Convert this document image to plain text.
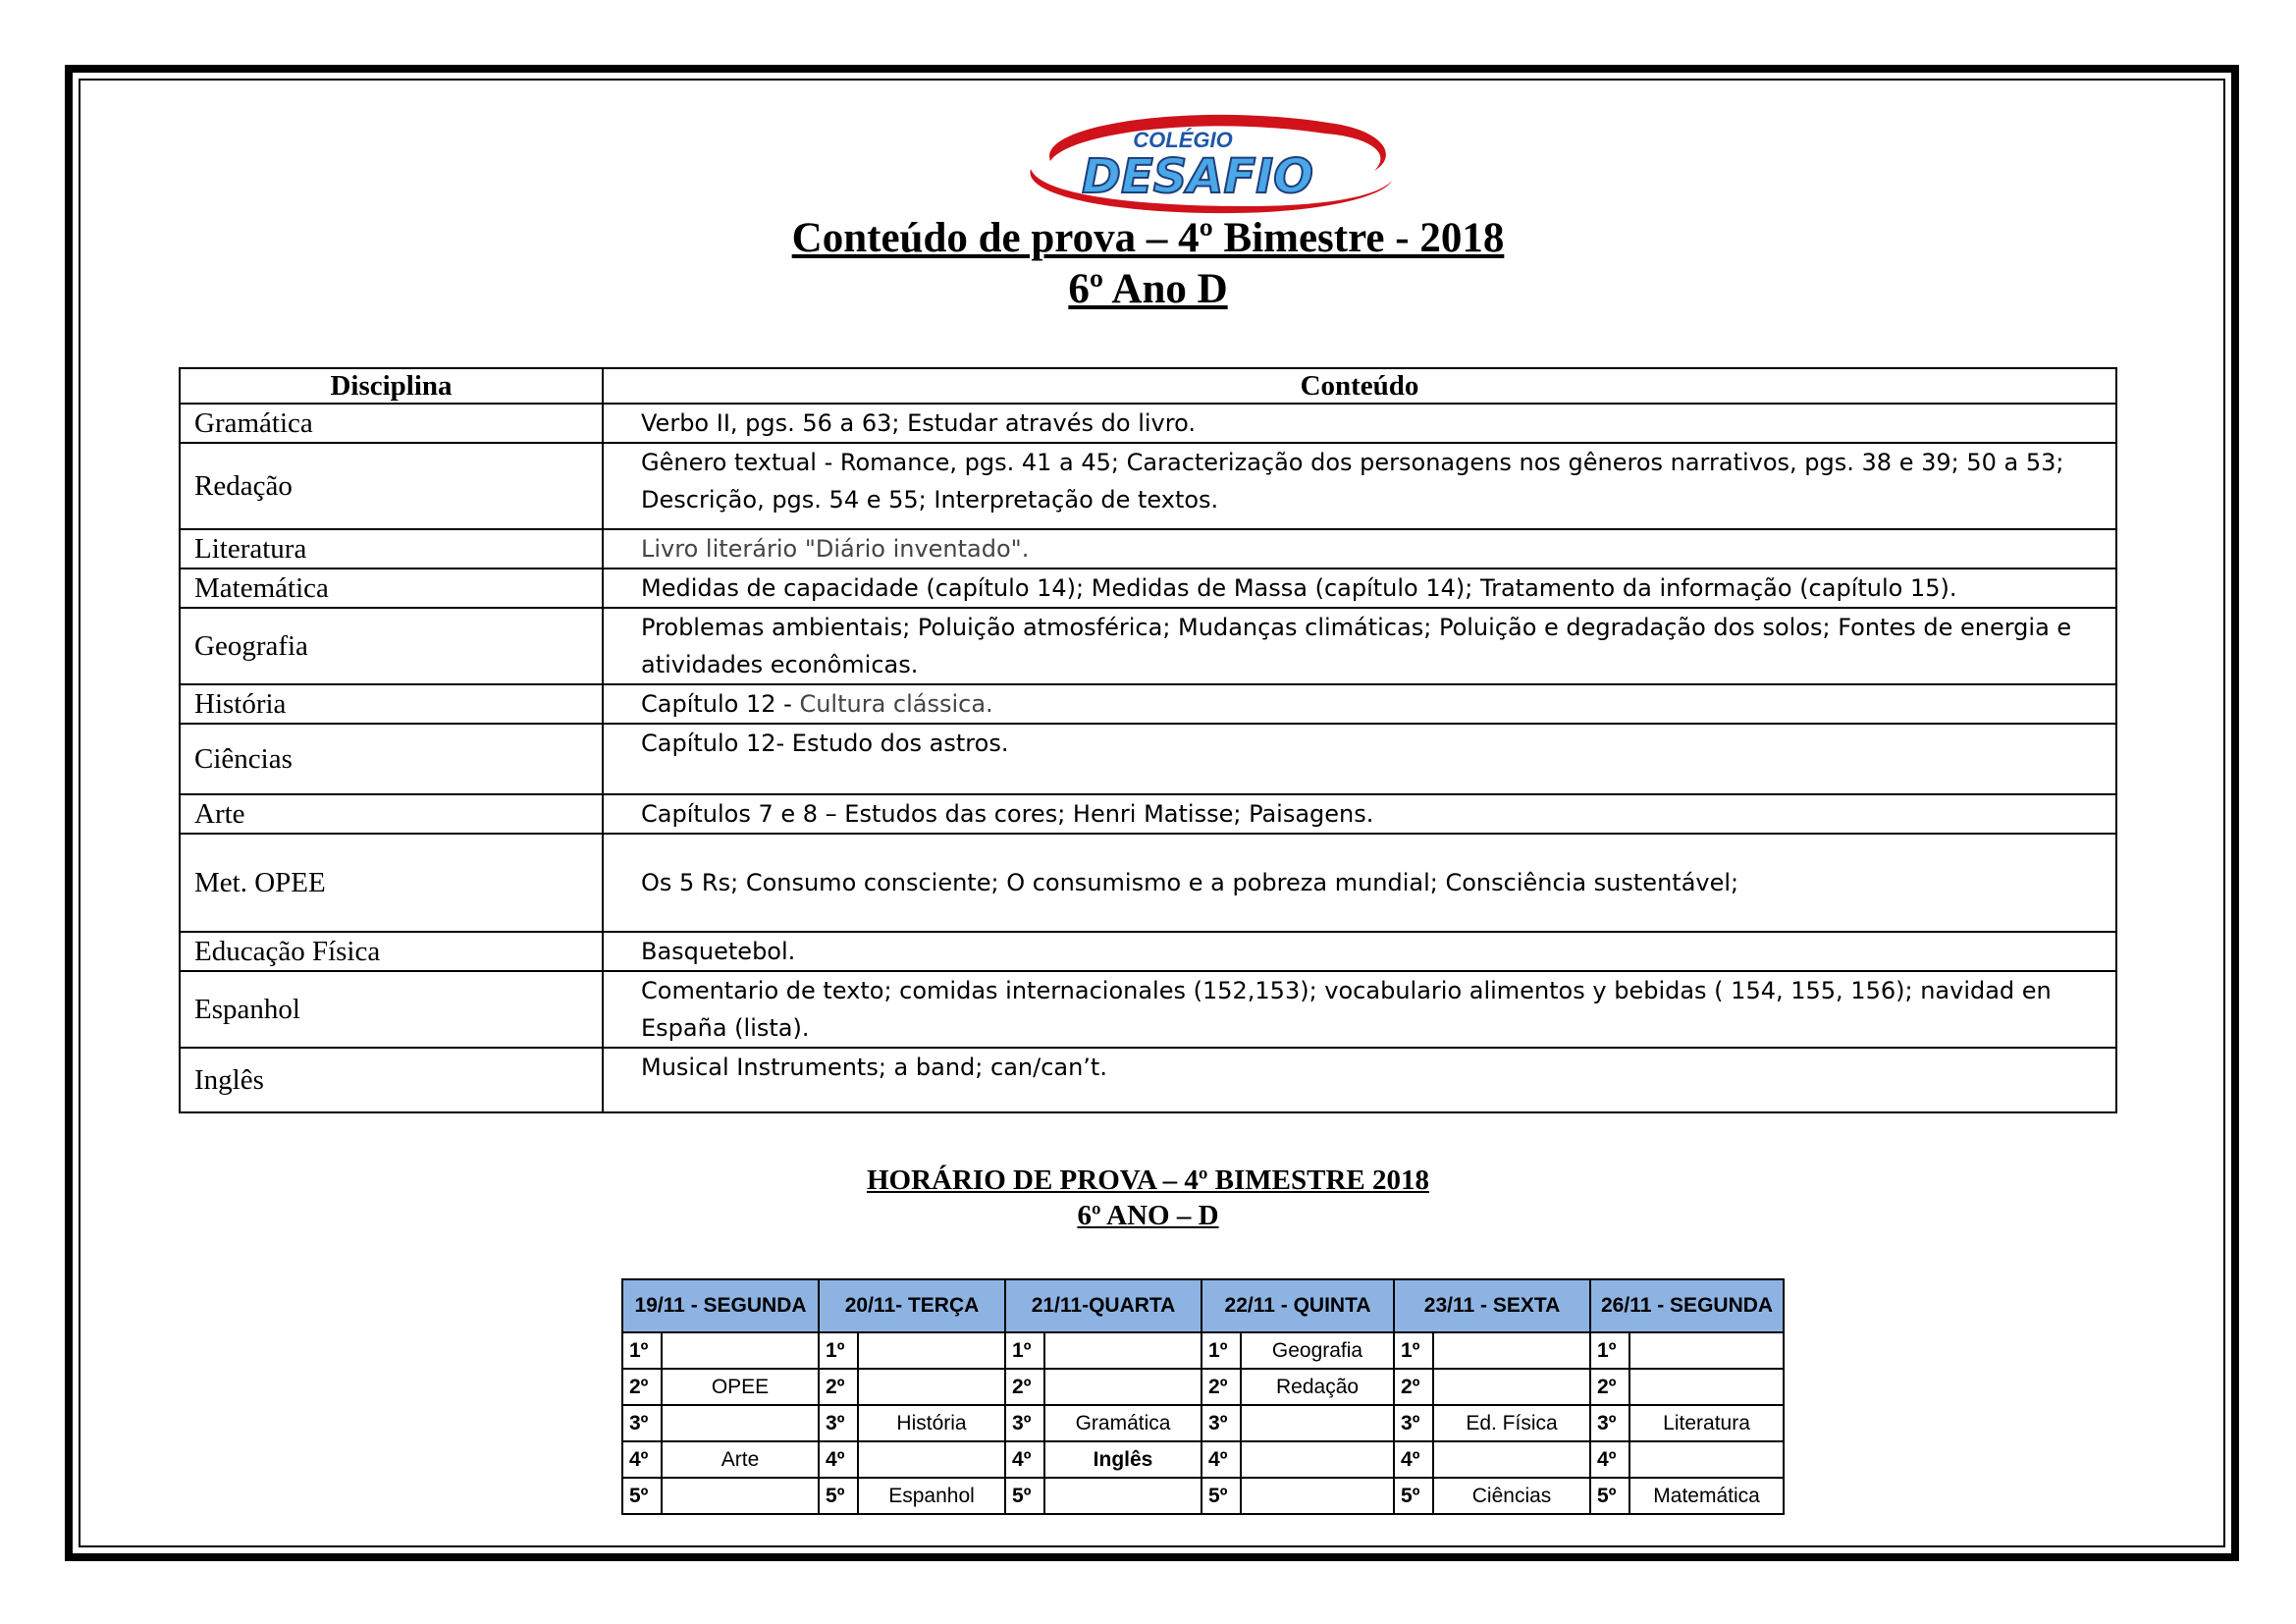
COLÉGIO
DESAFIO
Conteúdo de prova – 4º Bimestre - 2018
6º Ano D
Disciplina	Conteúdo
Gramática	Verbo II, pgs. 56 a 63; Estudar através do livro.
Redação	Gênero textual - Romance, pgs. 41 a 45; Caracterização dos personagens nos gêneros narrativos, pgs. 38 e 39; 50 a 53; Descrição, pgs. 54 e 55; Interpretação de textos.
Literatura	Livro literário "Diário inventado".
Matemática	Medidas de capacidade (capítulo 14); Medidas de Massa (capítulo 14); Tratamento da informação (capítulo 15).
Geografia	Problemas ambientais; Poluição atmosférica; Mudanças climáticas; Poluição e degradação dos solos; Fontes de energia e atividades econômicas.
História	Capítulo 12 - Cultura clássica.
Ciências	Capítulo 12- Estudo dos astros.
Arte	Capítulos 7 e 8 – Estudos das cores; Henri Matisse; Paisagens.
Met. OPEE	Os 5 Rs; Consumo consciente; O consumismo e a pobreza mundial; Consciência sustentável;
Educação Física	Basquetebol.
Espanhol	Comentario de texto; comidas internacionales (152,153); vocabulario alimentos y bebidas ( 154, 155, 156); navidad en España (lista).
Inglês	Musical Instruments; a band; can/can’t.
HORÁRIO DE PROVA – 4º BIMESTRE 2018
6º ANO – D
19/11 - SEGUNDA		20/11- TERÇA		21/11-QUARTA		22/11 - QUINTA		23/11 - SEXTA		26/11 - SEGUNDA	
1º		1º		1º		1º	Geografia	1º		1º	
2º	OPEE	2º		2º		2º	Redação	2º		2º	
3º		3º	História	3º	Gramática	3º		3º	Ed. Física	3º	Literatura
4º	Arte	4º		4º	Inglês	4º		4º		4º	
5º		5º	Espanhol	5º		5º		5º	Ciências	5º	Matemática
